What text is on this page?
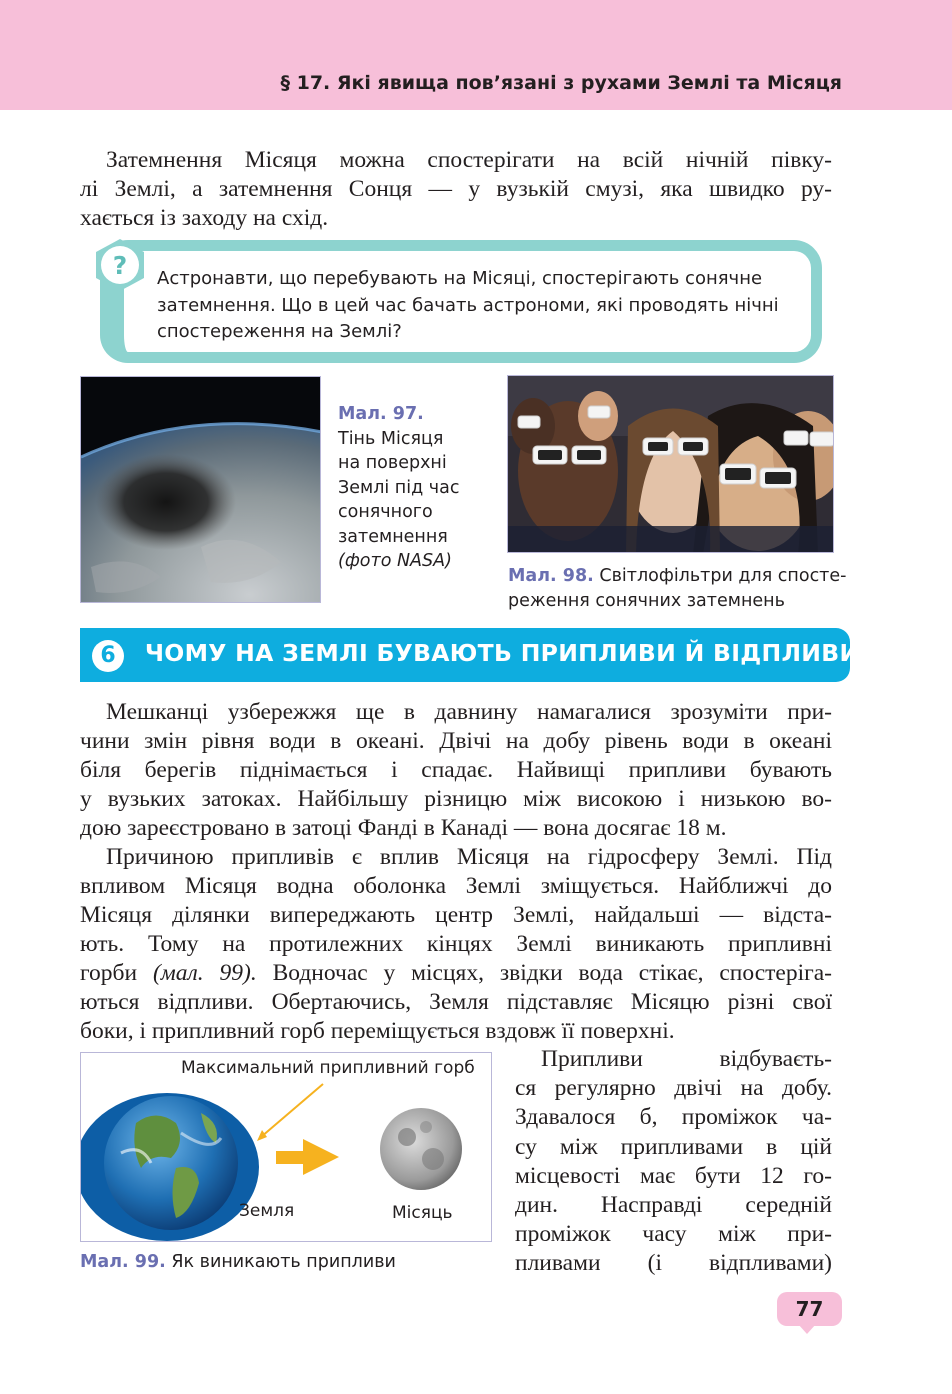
§ 17. Які явища пов’язані з рухами Землі та Місяця
Затемнення Місяця можна спостерігати на всій нічній півку-
лі Землі, а затемнення Сонця — у вузькій смузі, яка швидко ру-
хається із заходу на схід.
? Астронавти, що перебувають на Місяці, спостерігають сонячне
затемнення. Що в цей час бачать астрономи, які проводять нічні
спостереження на Землі?
Мал. 97.
Тінь Місяця
на поверхні
Землі під час
сонячного
затемнення
(фото NASA)
Мал. 98. Світлофільтри для спосте-
реження сонячних затемнень
6	ЧОМУ НА ЗЕМЛІ БУВАЮТЬ ПРИПЛИВИ Й ВІДПЛИВИ
Мешканці узбережжя ще в давнину намагалися зрозуміти при-
чини змін рівня води в океані. Двічі на добу рівень води в океані
біля берегів піднімається і спадає. Найвищі припливи бувають
у вузьких затоках. Найбільшу різницю між високою і низькою во-
дою зареєстровано в затоці Фанді в Канаді — вона досягає 18 м.
Причиною припливів є вплив Місяця на гідросферу Землі. Під
впливом Місяця водна оболонка Землі зміщується. Найближчі до
Місяця ділянки випереджають центр Землі, найдальші — відста-
ють. Тому на протилежних кінцях Землі виникають припливні
горби (мал. 99). Водночас у місцях, звідки вода стікає, спостеріга-
ються відпливи. Обертаючись, Земля підставляє Місяцю різні свої
боки, і припливний горб переміщується вздовж її поверхні.
Максимальний припливний горб
Земля	Місяць
Мал. 99. Як виникають припливи
Припливи відбуваєть-
ся регулярно двічі на добу.
Здавалося б, проміжок ча-
су між припливами в цій
місцевості має бути 12 го-
дин. Насправді середній
проміжок часу між при-
пливами (і відпливами)
77
